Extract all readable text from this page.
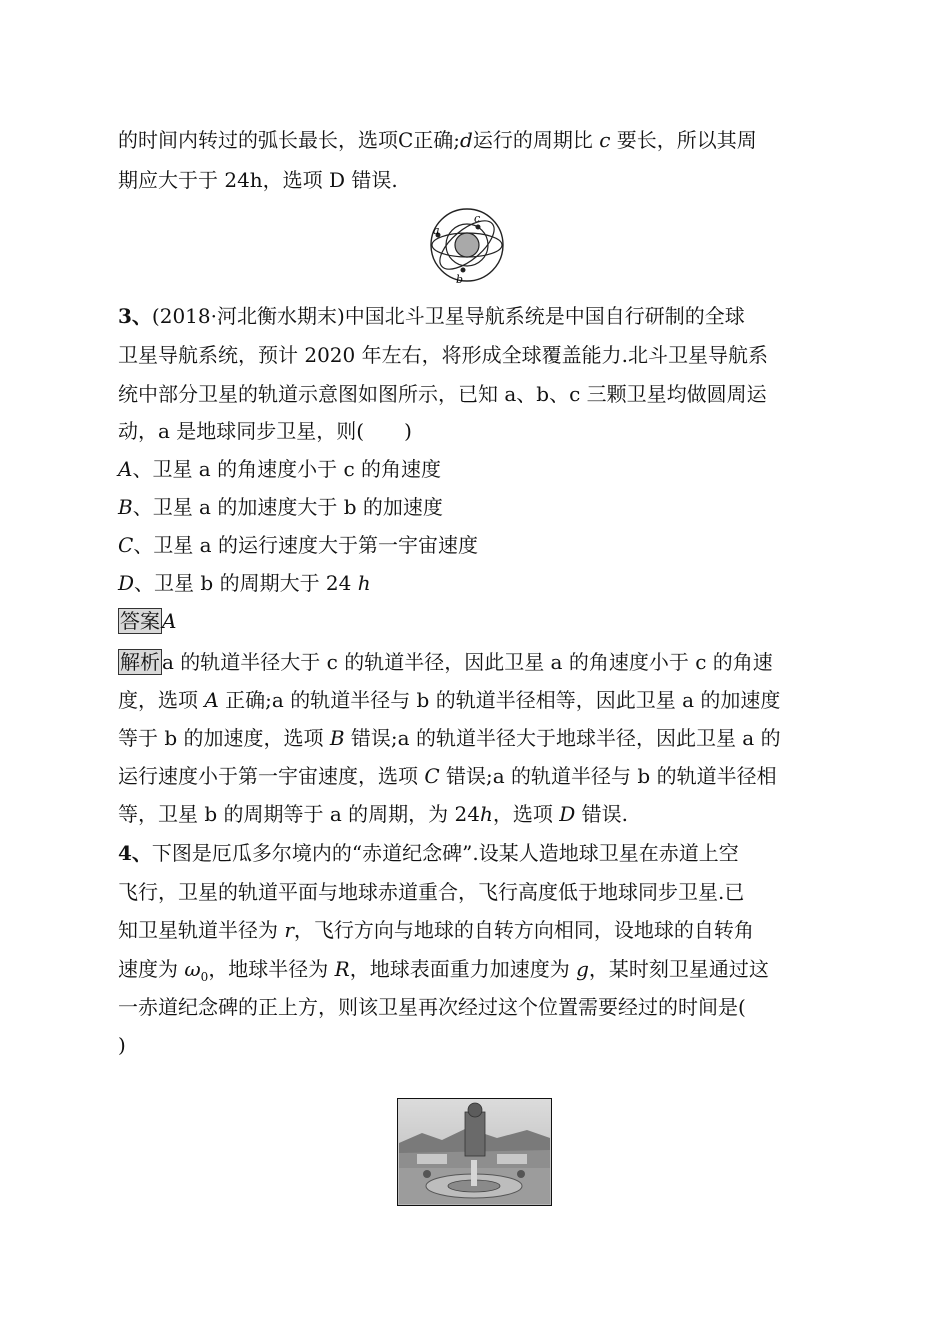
的时间内转过的弧长最长，选项C正确;d运行的周期比 c 要长，所以其周
期应大于于 24h，选项 D 错误.
a
c
b
3、(2018·河北衡水期末)中国北斗卫星导航系统是中国自行研制的全球
卫星导航系统，预计 2020 年左右，将形成全球覆盖能力.北斗卫星导航系
统中部分卫星的轨道示意图如图所示，已知 a、b、c 三颗卫星均做圆周运
动，a 是地球同步卫星，则(　　)
A、卫星 a 的角速度小于 c 的角速度
B、卫星 a 的加速度大于 b 的加速度
C、卫星 a 的运行速度大于第一宇宙速度
D、卫星 b 的周期大于 24 h
答案 A
解析 a 的轨道半径大于 c 的轨道半径，因此卫星 a 的角速度小于 c 的角速
度，选项 A 正确;a 的轨道半径与 b 的轨道半径相等，因此卫星 a 的加速度
等于 b 的加速度，选项 B 错误;a 的轨道半径大于地球半径，因此卫星 a 的
运行速度小于第一宇宙速度，选项 C 错误;a 的轨道半径与 b 的轨道半径相
等，卫星 b 的周期等于 a 的周期，为 24h，选项 D 错误.
4、下图是厄瓜多尔境内的“赤道纪念碑”.设某人造地球卫星在赤道上空
飞行，卫星的轨道平面与地球赤道重合，飞行高度低于地球同步卫星.已
知卫星轨道半径为 r，飞行方向与地球的自转方向相同，设地球的自转角
速度为 $\omega_0$，地球半径为 R，地球表面重力加速度为 g，某时刻卫星通过这
一赤道纪念碑的正上方，则该卫星再次经过这个位置需要经过的时间是(
)
